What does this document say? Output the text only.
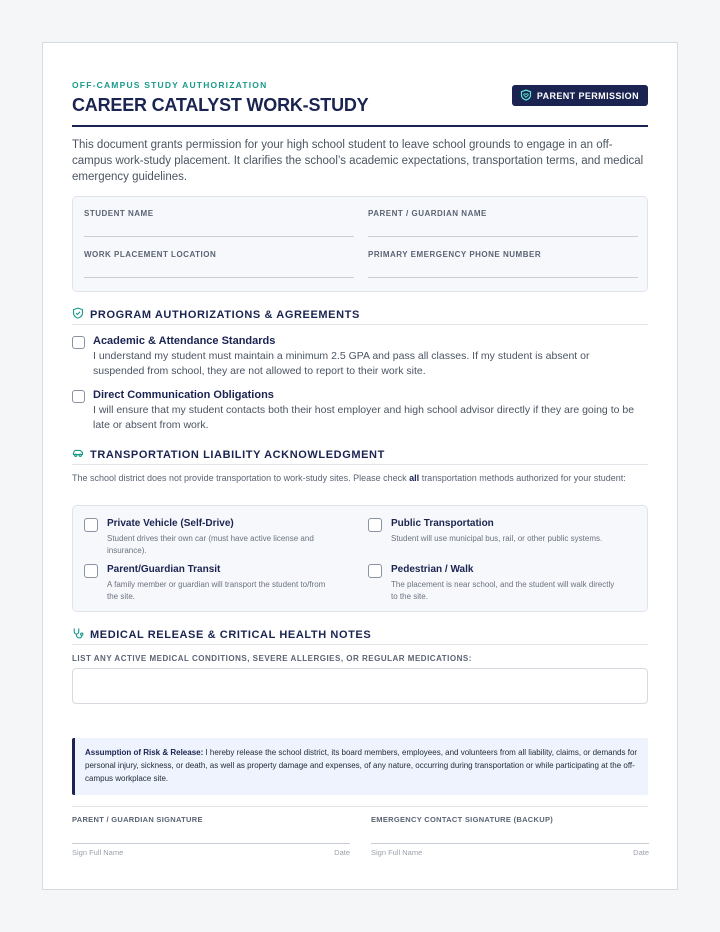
OFF-CAMPUS STUDY AUTHORIZATION
CAREER CATALYST WORK-STUDY	PARENT PERMISSION

This document grants permission for your high school student to leave school grounds to engage in an off-campus work-study placement. It clarifies the school’s academic expectations, transportation terms, and medical emergency guidelines.

STUDENT NAME	PARENT / GUARDIAN NAME
WORK PLACEMENT LOCATION	PRIMARY EMERGENCY PHONE NUMBER
PROGRAM AUTHORIZATIONS & AGREEMENTS
Academic & Attendance Standards
I understand my student must maintain a minimum 2.5 GPA and pass all classes. If my student is absent or suspended from school, they are not allowed to report to their work site.
Direct Communication Obligations
I will ensure that my student contacts both their host employer and high school advisor directly if they are going to be late or absent from work.
TRANSPORTATION LIABILITY ACKNOWLEDGMENT

The school district does not provide transportation to work-study sites. Please check all transportation methods authorized for your student:

Private Vehicle (Self-Drive)
Student drives their own car (must have active license and insurance).
Public Transportation
Student will use municipal bus, rail, or other public systems.
Parent/Guardian Transit
A family member or guardian will transport the student to/from the site.
Pedestrian / Walk
The placement is near school, and the student will walk directly to the site.
MEDICAL RELEASE & CRITICAL HEALTH NOTES
LIST ANY ACTIVE MEDICAL CONDITIONS, SEVERE ALLERGIES, OR REGULAR MEDICATIONS:
Assumption of Risk & Release: I hereby release the school district, its board members, employees, and volunteers from all liability, claims, or demands for personal injury, sickness, or death, as well as property damage and expenses, of any nature, occurring during transportation or while participating at the off-campus workplace site.
PARENT / GUARDIAN SIGNATURE
Sign Full Name	Date
EMERGENCY CONTACT SIGNATURE (BACKUP)
Sign Full Name	Date
